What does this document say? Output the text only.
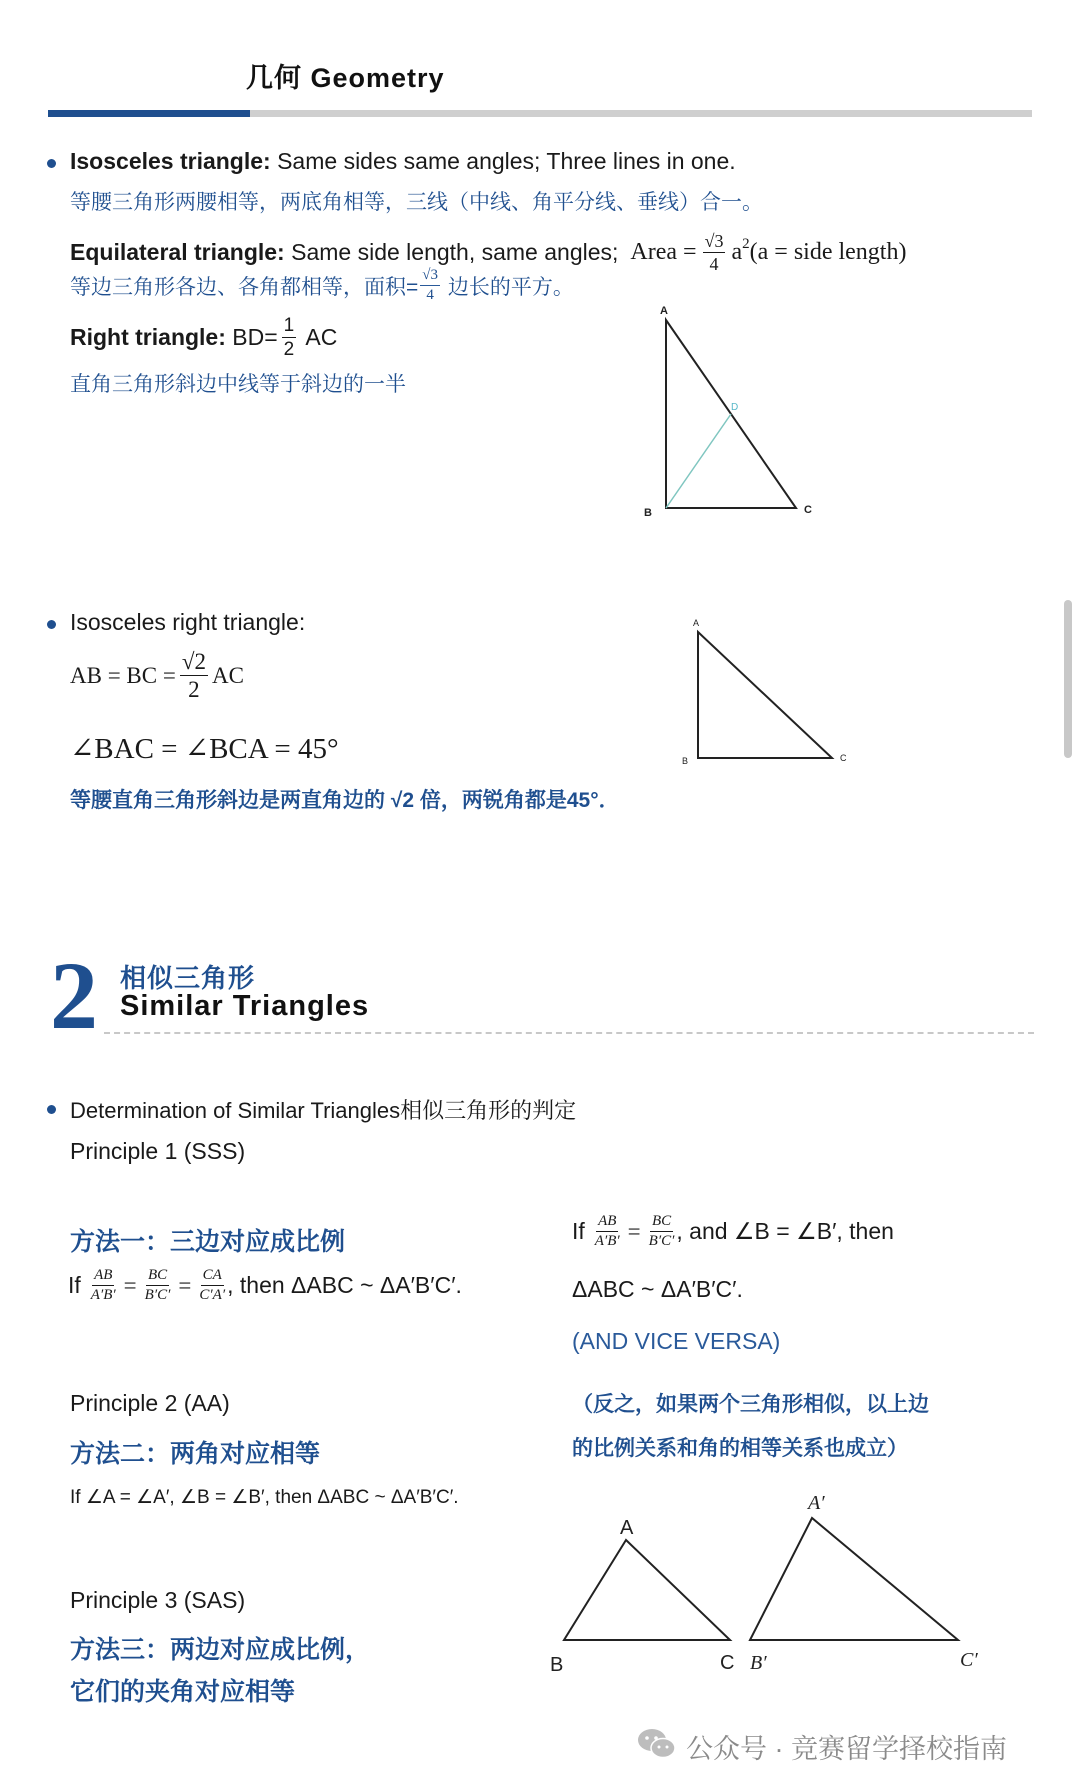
几何 Geometry
Isosceles triangle: Same sides same angles; Three lines in one.
等腰三角形两腰相等，两底角相等，三线（中线、角平分线、垂线）合一。
Equilateral triangle: Same side length, same angles; Area = $\frac{√3}{4} a^2$ (a = side length)
等边三角形各边、各角都相等，面积= $\frac{√3}{4}$ 边长的平方。
Right triangle: $BD= \frac{1}{2}$ AC
直角三角形斜边中线等于斜边的一半
A
B	C
D
Isosceles right triangle:
AB = BC = $\frac{√2}{2}$ AC
∠BAC = ∠BCA = 45°
等腰直角三角形斜边是两直角边的 √2 倍，两锐角都是45°．
A
B	C
2 相似三角形
Similar Triangles
Determination of Similar Triangles相似三角形的判定
Principle 1 (SSS)
方法一：三边对应成比例
If $\frac{AB}{A'B'} = \frac{BC}{B'C'} = \frac{CA}{C'A'}$ , then ΔABC ~ ΔA′B′C′.
If $\frac{AB}{A'B'} = \frac{BC}{B'C'}$ , and ∠B = ∠B′, then
ΔABC ~ ΔA′B′C′.
(AND VICE VERSA)
（反之，如果两个三角形相似，以上边
的比例关系和角的相等关系也成立）
Principle 2 (AA)
方法二：两角对应相等
If ∠A = ∠A′, ∠B = ∠B′, then ΔABC ~ ΔA′B′C′.
Principle 3 (SAS)
方法三：两边对应成比例，
它们的夹角对应相等
A
B	C
A′
B′	C′
公众号 · 竞赛留学择校指南
